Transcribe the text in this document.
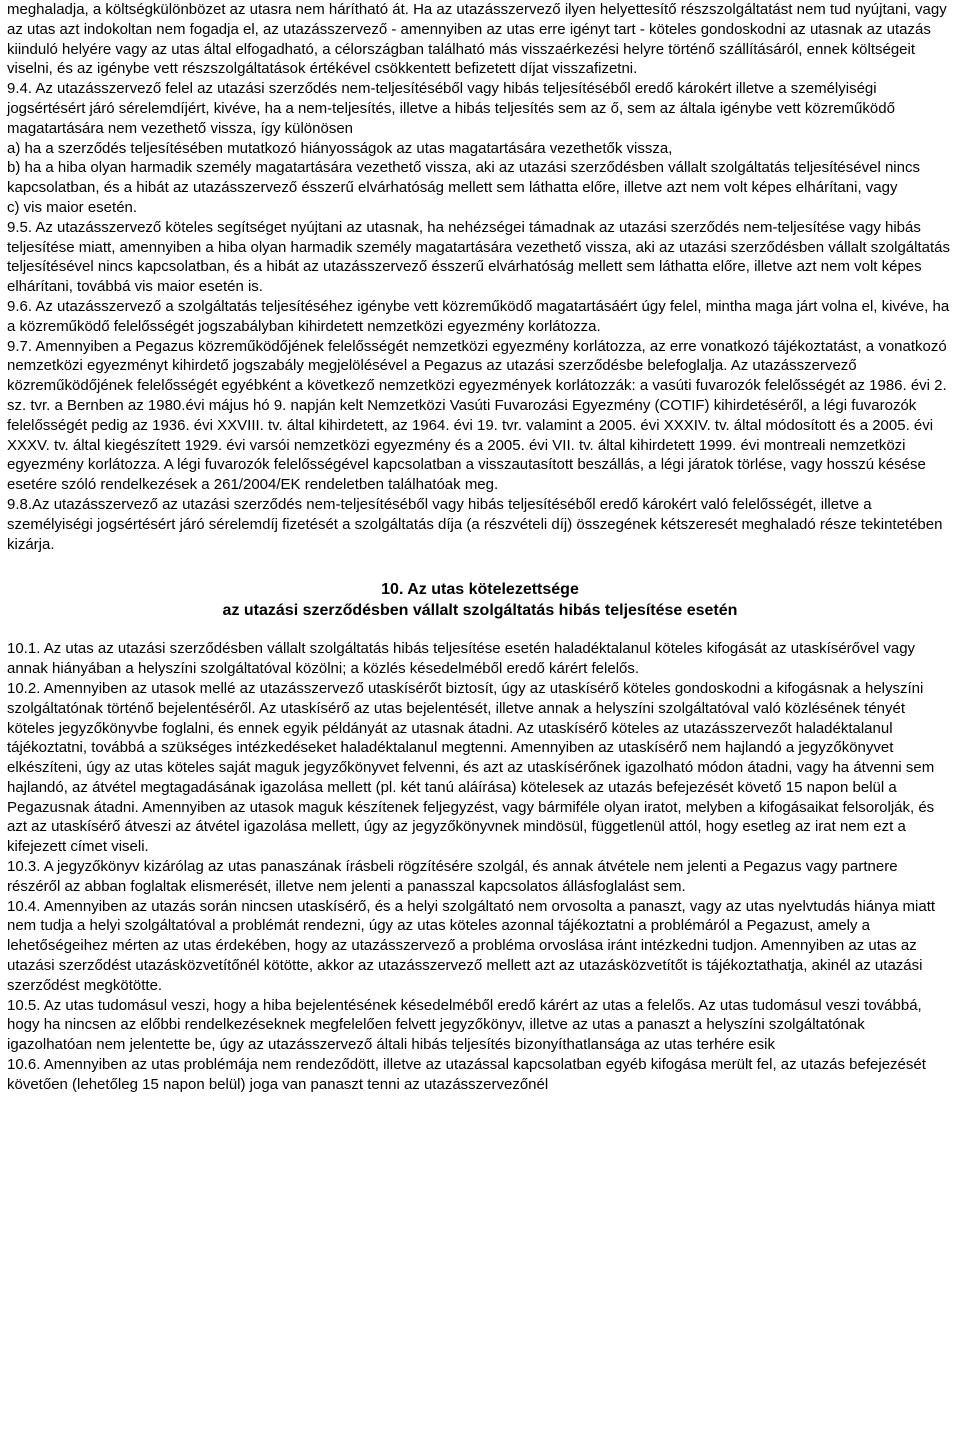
meghaladja, a költségkülönbözet az utasra nem hárítható át. Ha az utazásszervező ilyen helyettesítő részszolgáltatást nem tud nyújtani, vagy az utas azt indokoltan nem fogadja el, az utazásszervező - amennyiben az utas erre igényt tart - köteles gondoskodni az utasnak az utazás kiinduló helyére vagy az utas által elfogadható, a célországban található más visszaérkezési helyre történő szállításáról, ennek költségeit viselni, és az igénybe vett részszolgáltatások értékével csökkentett befizetett díjat visszafizetni.

9.4. Az utazásszervező felel az utazási szerződés nem-teljesítéséből vagy hibás teljesítéséből eredő károkért illetve a személyiségi jogsértésért járó sérelemdíjért, kivéve, ha a nem-teljesítés, illetve a hibás teljesítés sem az ő, sem az általa igénybe vett közreműködő magatartására nem vezethető vissza, így különösen

a) ha a szerződés teljesítésében mutatkozó hiányosságok az utas magatartására vezethetők vissza,

b) ha a hiba olyan harmadik személy magatartására vezethető vissza, aki az utazási szerződésben vállalt szolgáltatás teljesítésével nincs kapcsolatban, és a hibát az utazásszervező ésszerű elvárhatóság mellett sem láthatta előre, illetve azt nem volt képes elhárítani, vagy

c) vis maior esetén.

9.5. Az utazásszervező köteles segítséget nyújtani az utasnak, ha nehézségei támadnak az utazási szerződés nem-teljesítése vagy hibás teljesítése miatt, amennyiben a hiba olyan harmadik személy magatartására vezethető vissza, aki az utazási szerződésben vállalt szolgáltatás teljesítésével nincs kapcsolatban, és a hibát az utazásszervező ésszerű elvárhatóság mellett sem láthatta előre, illetve azt nem volt képes elhárítani, továbbá vis maior esetén is.

9.6. Az utazásszervező a szolgáltatás teljesítéséhez igénybe vett közreműködő magatartásáért úgy felel, mintha maga járt volna el, kivéve, ha a közreműködő felelősségét jogszabályban kihirdetett nemzetközi egyezmény korlátozza.

9.7. Amennyiben a Pegazus közreműködőjének felelősségét nemzetközi egyezmény korlátozza, az erre vonatkozó tájékoztatást, a vonatkozó nemzetközi egyezményt kihirdető jogszabály megjelölésével a Pegazus az utazási szerződésbe belefoglalja. Az utazásszervező közreműködőjének felelősségét egyébként a következő nemzetközi egyezmények korlátozzák: a vasúti fuvarozók felelősségét az 1986. évi 2. sz. tvr. a Bernben az 1980.évi május hó 9. napján kelt Nemzetközi Vasúti Fuvarozási Egyezmény (COTIF) kihirdetéséről, a légi fuvarozók felelősségét pedig az 1936. évi XXVIII. tv. által kihirdetett, az 1964. évi 19. tvr. valamint a 2005. évi XXXIV. tv. által módosított és a 2005. évi XXXV. tv. által kiegészített 1929. évi varsói nemzetközi egyezmény és a 2005. évi VII. tv. által kihirdetett 1999. évi montreali nemzetközi egyezmény korlátozza. A légi fuvarozók felelősségével kapcsolatban a visszautasított beszállás, a légi járatok törlése, vagy hosszú késése esetére szóló rendelkezések a 261/2004/EK rendeletben találhatóak meg.

9.8.Az utazásszervező az utazási szerződés nem-teljesítéséből vagy hibás teljesítéséből eredő károkért való felelősségét, illetve a személyiségi jogsértésért járó sérelemdíj fizetését a szolgáltatás díja (a részvételi díj) összegének kétszeresét meghaladó része tekintetében kizárja.

10. Az utas kötelezettsége
az utazási szerződésben vállalt szolgáltatás hibás teljesítése esetén

10.1. Az utas az utazási szerződésben vállalt szolgáltatás hibás teljesítése esetén haladéktalanul köteles kifogását az utaskísérővel vagy annak hiányában a helyszíni szolgáltatóval közölni; a közlés késedelméből eredő kárért felelős.

10.2. Amennyiben az utasok mellé az utazásszervező utaskísérőt biztosít, úgy az utaskísérő köteles gondoskodni a kifogásnak a helyszíni szolgáltatónak történő bejelentéséről. Az utaskísérő az utas bejelentését, illetve annak a helyszíni szolgáltatóval való közlésének tényét köteles jegyzőkönyvbe foglalni, és ennek egyik példányát az utasnak átadni. Az utaskísérő köteles az utazásszervezőt haladéktalanul tájékoztatni, továbbá a szükséges intézkedéseket haladéktalanul megtenni. Amennyiben az utaskísérő nem hajlandó a jegyzőkönyvet elkészíteni, úgy az utas köteles saját maguk jegyzőkönyvet felvenni, és azt az utaskísérőnek igazolható módon átadni, vagy ha átvenni sem hajlandó, az átvétel megtagadásának igazolása mellett (pl. két tanú aláírása) kötelesek az utazás befejezését követő 15 napon belül a Pegazusnak átadni. Amennyiben az utasok maguk készítenek feljegyzést, vagy bármiféle olyan iratot, melyben a kifogásaikat felsorolják, és azt az utaskísérő átveszi az átvétel igazolása mellett, úgy az jegyzőkönyvnek mindösül, függetlenül attól, hogy esetleg az irat nem ezt a kifejezett címet viseli.

10.3. A jegyzőkönyv kizárólag az utas panaszának írásbeli rögzítésére szolgál, és annak átvétele nem jelenti a Pegazus vagy partnere részéről az abban foglaltak elismerését, illetve nem jelenti a panasszal kapcsolatos állásfoglalást sem.

10.4. Amennyiben az utazás során nincsen utaskísérő, és a helyi szolgáltató nem orvosolta a panaszt, vagy az utas nyelvtudás hiánya miatt nem tudja a helyi szolgáltatóval a problémát rendezni, úgy az utas köteles azonnal tájékoztatni a problémáról a Pegazust, amely a lehetőségeihez mérten az utas érdekében, hogy az utazásszervező a probléma orvoslása iránt intézkedni tudjon. Amennyiben az utas az utazási szerződést utazásközvetítőnél kötötte, akkor az utazásszervező mellett azt az utazásközvetítőt is tájékoztathatja, akinél az utazási szerződést megkötötte.

10.5. Az utas tudomásul veszi, hogy a hiba bejelentésének késedelméből eredő kárért az utas a felelős. Az utas tudomásul veszi továbbá, hogy ha nincsen az előbbi rendelkezéseknek megfelelően felvett jegyzőkönyv, illetve az utas a panaszt a helyszíni szolgáltatónak igazolhatóan nem jelentette be, úgy az utazásszervező általi hibás teljesítés bizonyíthatlansága az utas terhére esik

10.6. Amennyiben az utas problémája nem rendeződött, illetve az utazással kapcsolatban egyéb kifogása merült fel, az utazás befejezését követően (lehetőleg 15 napon belül) joga van panaszt tenni az utazásszervezőnél
